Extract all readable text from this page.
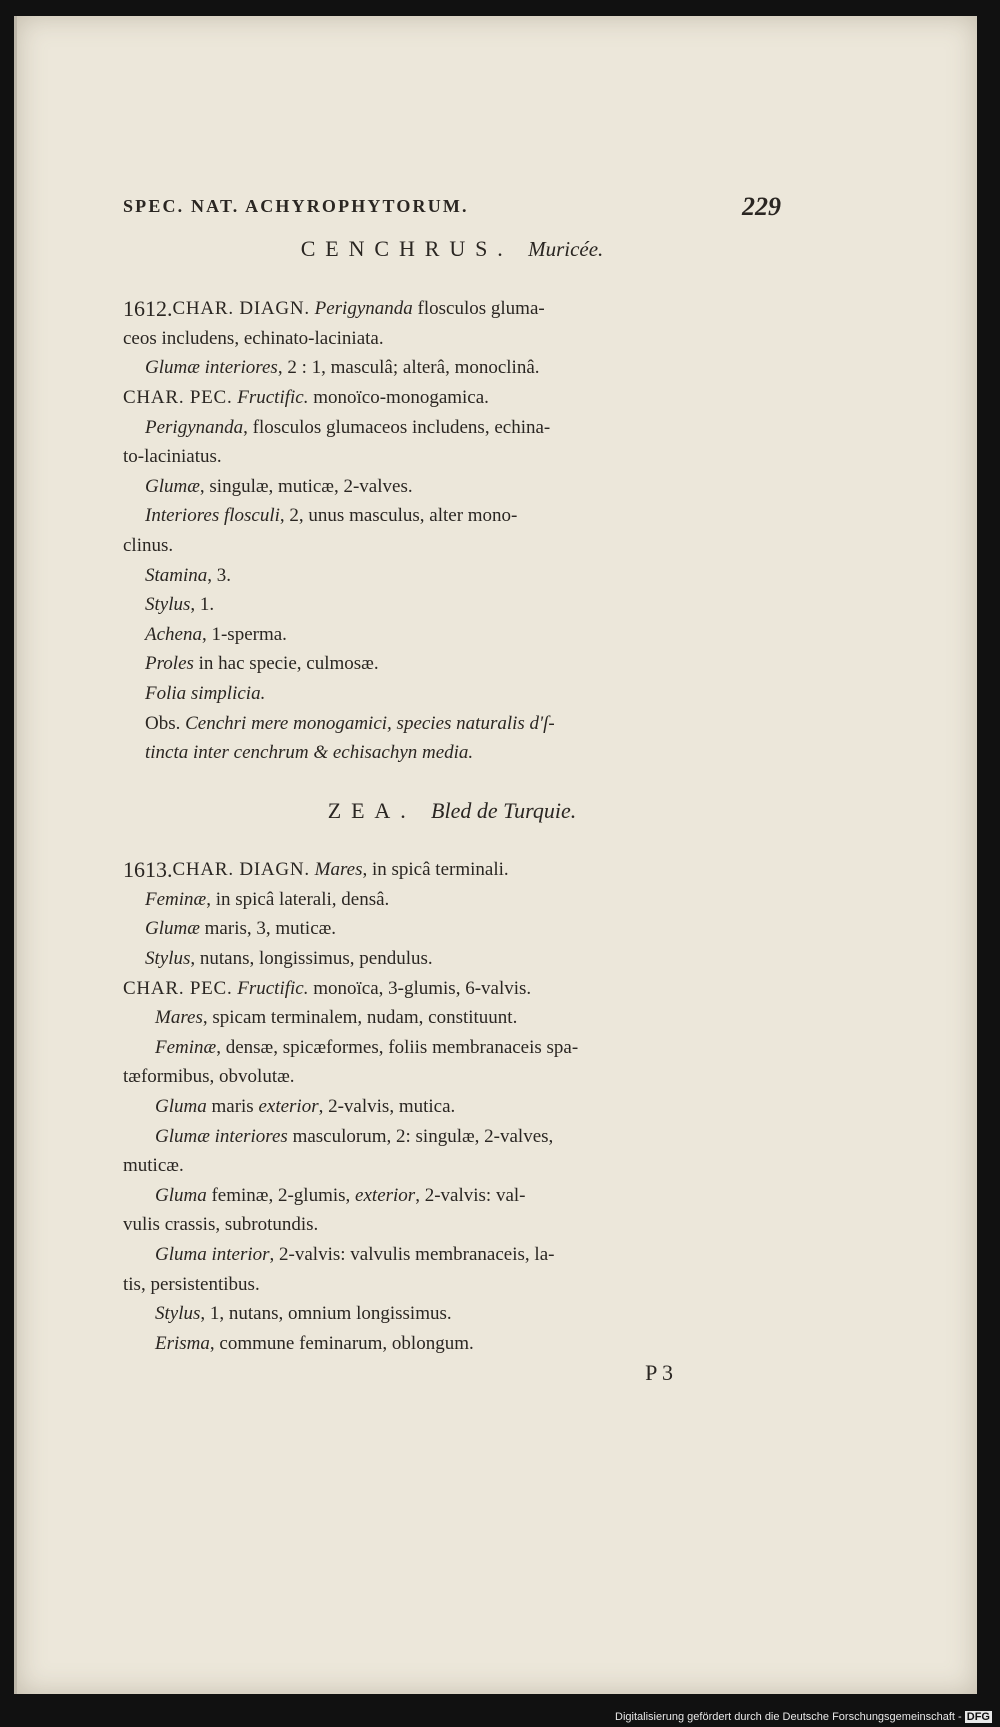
SPEC. NAT. ACHYROPHYTORUM.	229
CENCHRUS. Muricée.
1612. CHAR. DIAGN. Perigynanda flosculos gluma-
ceos includens, echinato-laciniata.
Glumæ interiores , 2 : 1, masculâ; alterâ, monoclinâ.
CHAR. PEC. Fructific. monoïco-monogamica.
Perigynanda , flosculos glumaceos includens, echina-
to-laciniatus.
Glumæ , singulæ, muticæ, 2-valves.
Interiores flosculi , 2, unus masculus, alter mono-
clinus.
Stamina , 3.
Stylus , 1.
Achena , 1-sperma.
Proles in hac specie, culmosæ.
Folia simplicia.
Obs. Cenchri mere monogamici, species naturalis d'ſ-
tincta inter cenchrum & echisachyn media.
ZEA. Bled de Turquie.
1613. CHAR. DIAGN. Mares , in spicâ terminali.
Feminæ , in spicâ laterali, densâ.
Glumæ maris, 3, muticæ.
Stylus , nutans, longissimus, pendulus.
CHAR. PEC. Fructific. monoïca, 3-glumis, 6-valvis.
Mares , spicam terminalem, nudam, constituunt.
Feminæ , densæ, spicæformes, foliis membranaceis spa-
tæformibus, obvolutæ.
Gluma maris exterior , 2-valvis, mutica.
Glumæ interiores masculorum, 2: singulæ, 2-valves,
muticæ.
Gluma feminæ, 2-glumis, exterior , 2-valvis: val-
vulis crassis, subrotundis.
Gluma interior , 2-valvis: valvulis membranaceis, la-
tis, persistentibus.
Stylus , 1, nutans, omnium longissimus.
Erisma , commune feminarum, oblongum.
P 3
Digitalisierung gefördert durch die Deutsche Forschungsgemeinschaft - DFG
